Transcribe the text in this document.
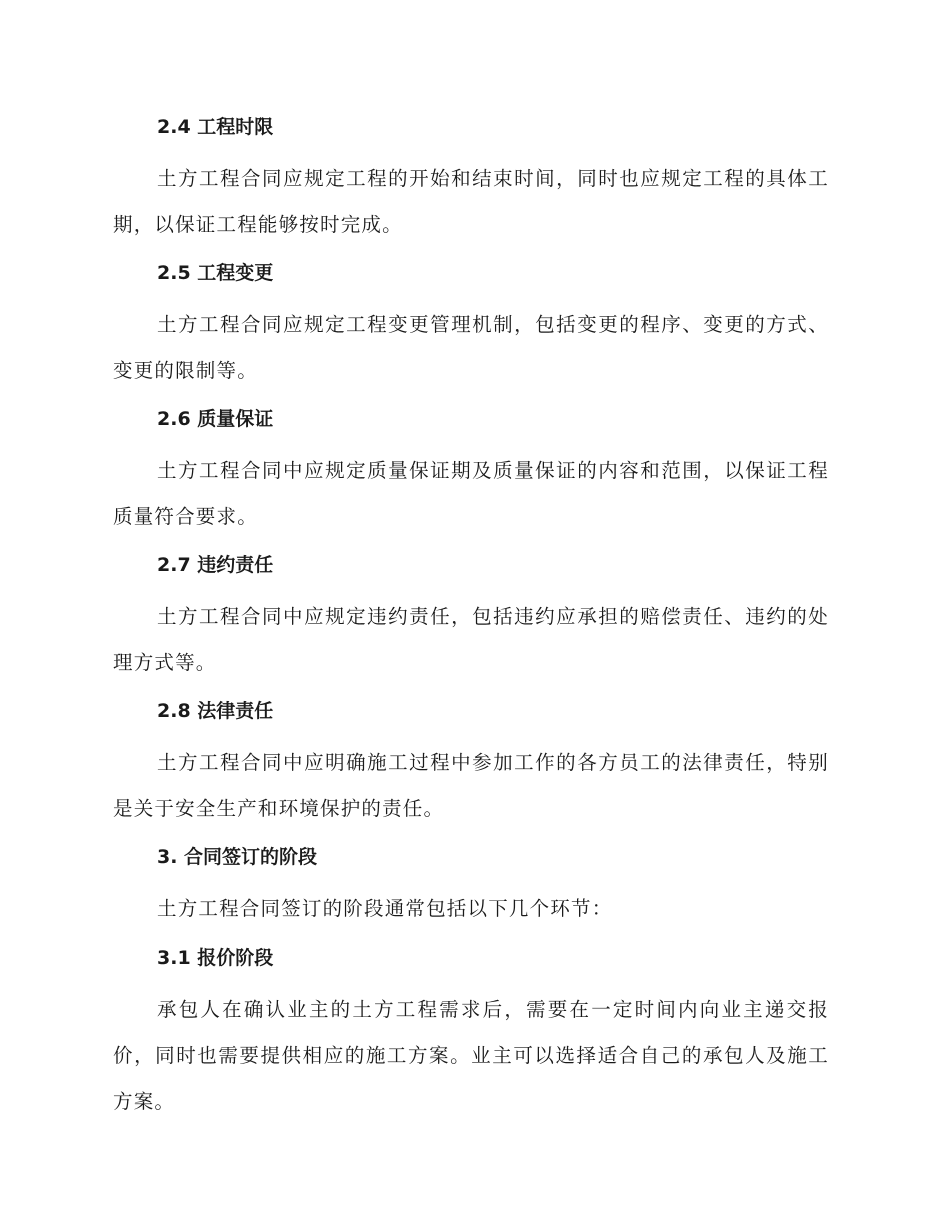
2.4 工程时限

土方工程合同应规定工程的开始和结束时间，同时也应规定工程的具体工期，以保证工程能够按时完成。

2.5 工程变更

土方工程合同应规定工程变更管理机制，包括变更的程序、变更的方式、变更的限制等。

2.6 质量保证

土方工程合同中应规定质量保证期及质量保证的内容和范围，以保证工程质量符合要求。

2.7 违约责任

土方工程合同中应规定违约责任，包括违约应承担的赔偿责任、违约的处理方式等。

2.8 法律责任

土方工程合同中应明确施工过程中参加工作的各方员工的法律责任，特别是关于安全生产和环境保护的责任。

3. 合同签订的阶段

土方工程合同签订的阶段通常包括以下几个环节：

3.1 报价阶段

承包人在确认业主的土方工程需求后，需要在一定时间内向业主递交报价，同时也需要提供相应的施工方案。业主可以选择适合自己的承包人及施工方案。
